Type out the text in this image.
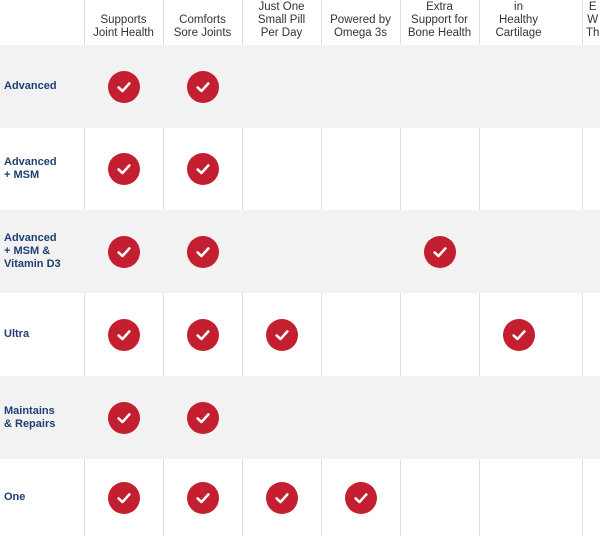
Supports
Joint Health
Comforts
Sore Joints
Just One
Small Pill
Per Day
Powered by
Omega 3s
Extra
Support for
Bone Health

in
Healthy Cartilage
E
W
Th
Advanced
Advanced
+ MSM
Advanced
+ MSM &
Vitamin D3
Ultra
Maintains
& Repairs
One
